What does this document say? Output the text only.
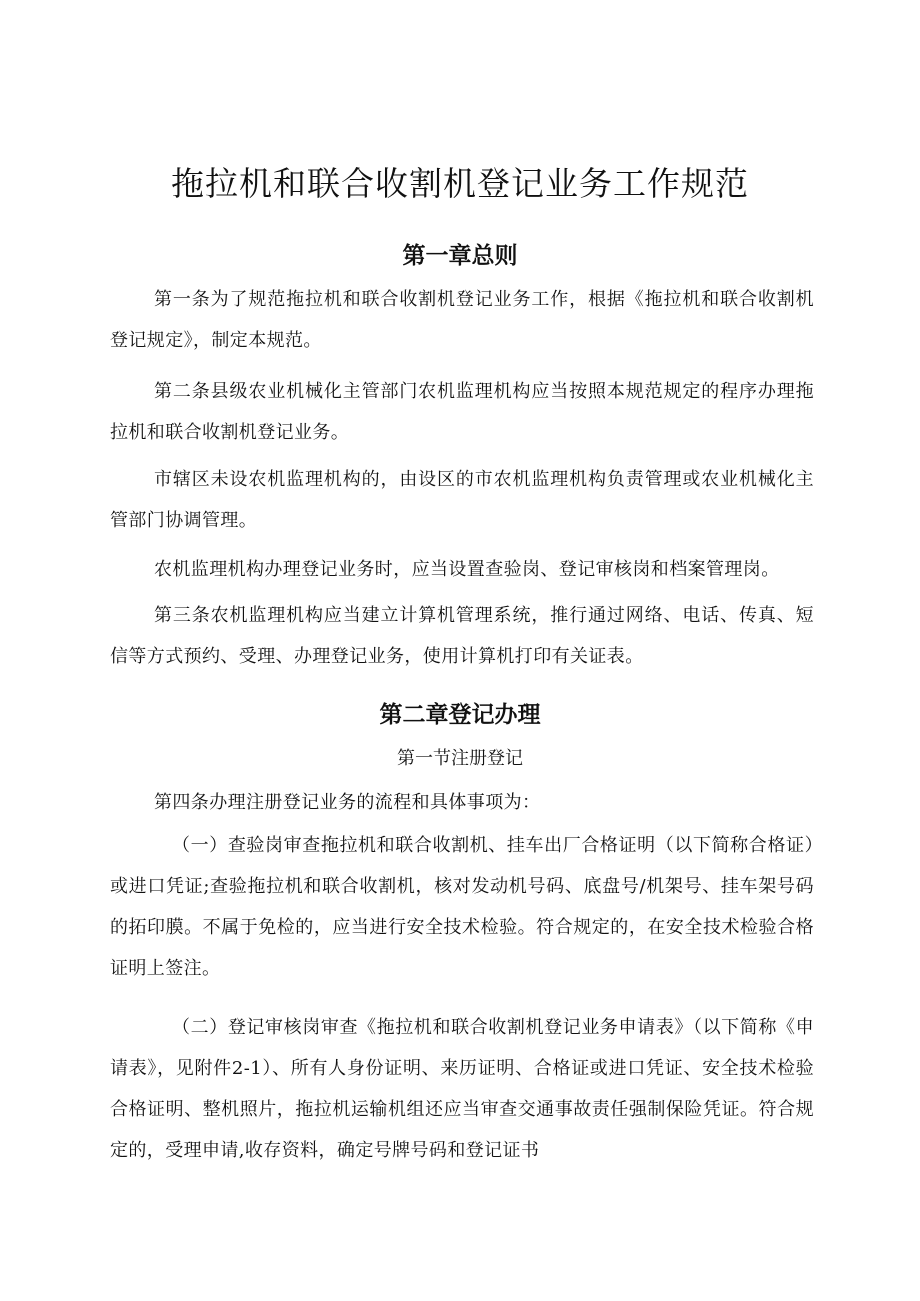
拖拉机和联合收割机登记业务工作规范
第一章总则
第一条为了规范拖拉机和联合收割机登记业务工作，根据《拖拉机和联合收割机登记规定》，制定本规范。
第二条县级农业机械化主管部门农机监理机构应当按照本规范规定的程序办理拖拉机和联合收割机登记业务。
市辖区未设农机监理机构的，由设区的市农机监理机构负责管理或农业机械化主管部门协调管理。
农机监理机构办理登记业务时，应当设置查验岗、登记审核岗和档案管理岗。
第三条农机监理机构应当建立计算机管理系统，推行通过网络、电话、传真、短信等方式预约、受理、办理登记业务，使用计算机打印有关证表。
第二章登记办理
第一节注册登记
第四条办理注册登记业务的流程和具体事项为：
（一）查验岗审查拖拉机和联合收割机、挂车出厂合格证明（以下简称合格证）或进口凭证;查验拖拉机和联合收割机，核对发动机号码、底盘号/机架号、挂车架号码的拓印膜。不属于免检的，应当进行安全技术检验。符合规定的，在安全技术检验合格证明上签注。
（二）登记审核岗审查《拖拉机和联合收割机登记业务申请表》（以下简称《申请表》，见附件2-1）、所有人身份证明、来历证明、合格证或进口凭证、安全技术检验合格证明、整机照片，拖拉机运输机组还应当审查交通事故责任强制保险凭证。符合规定的，受理申请,收存资料，确定号牌号码和登记证书
